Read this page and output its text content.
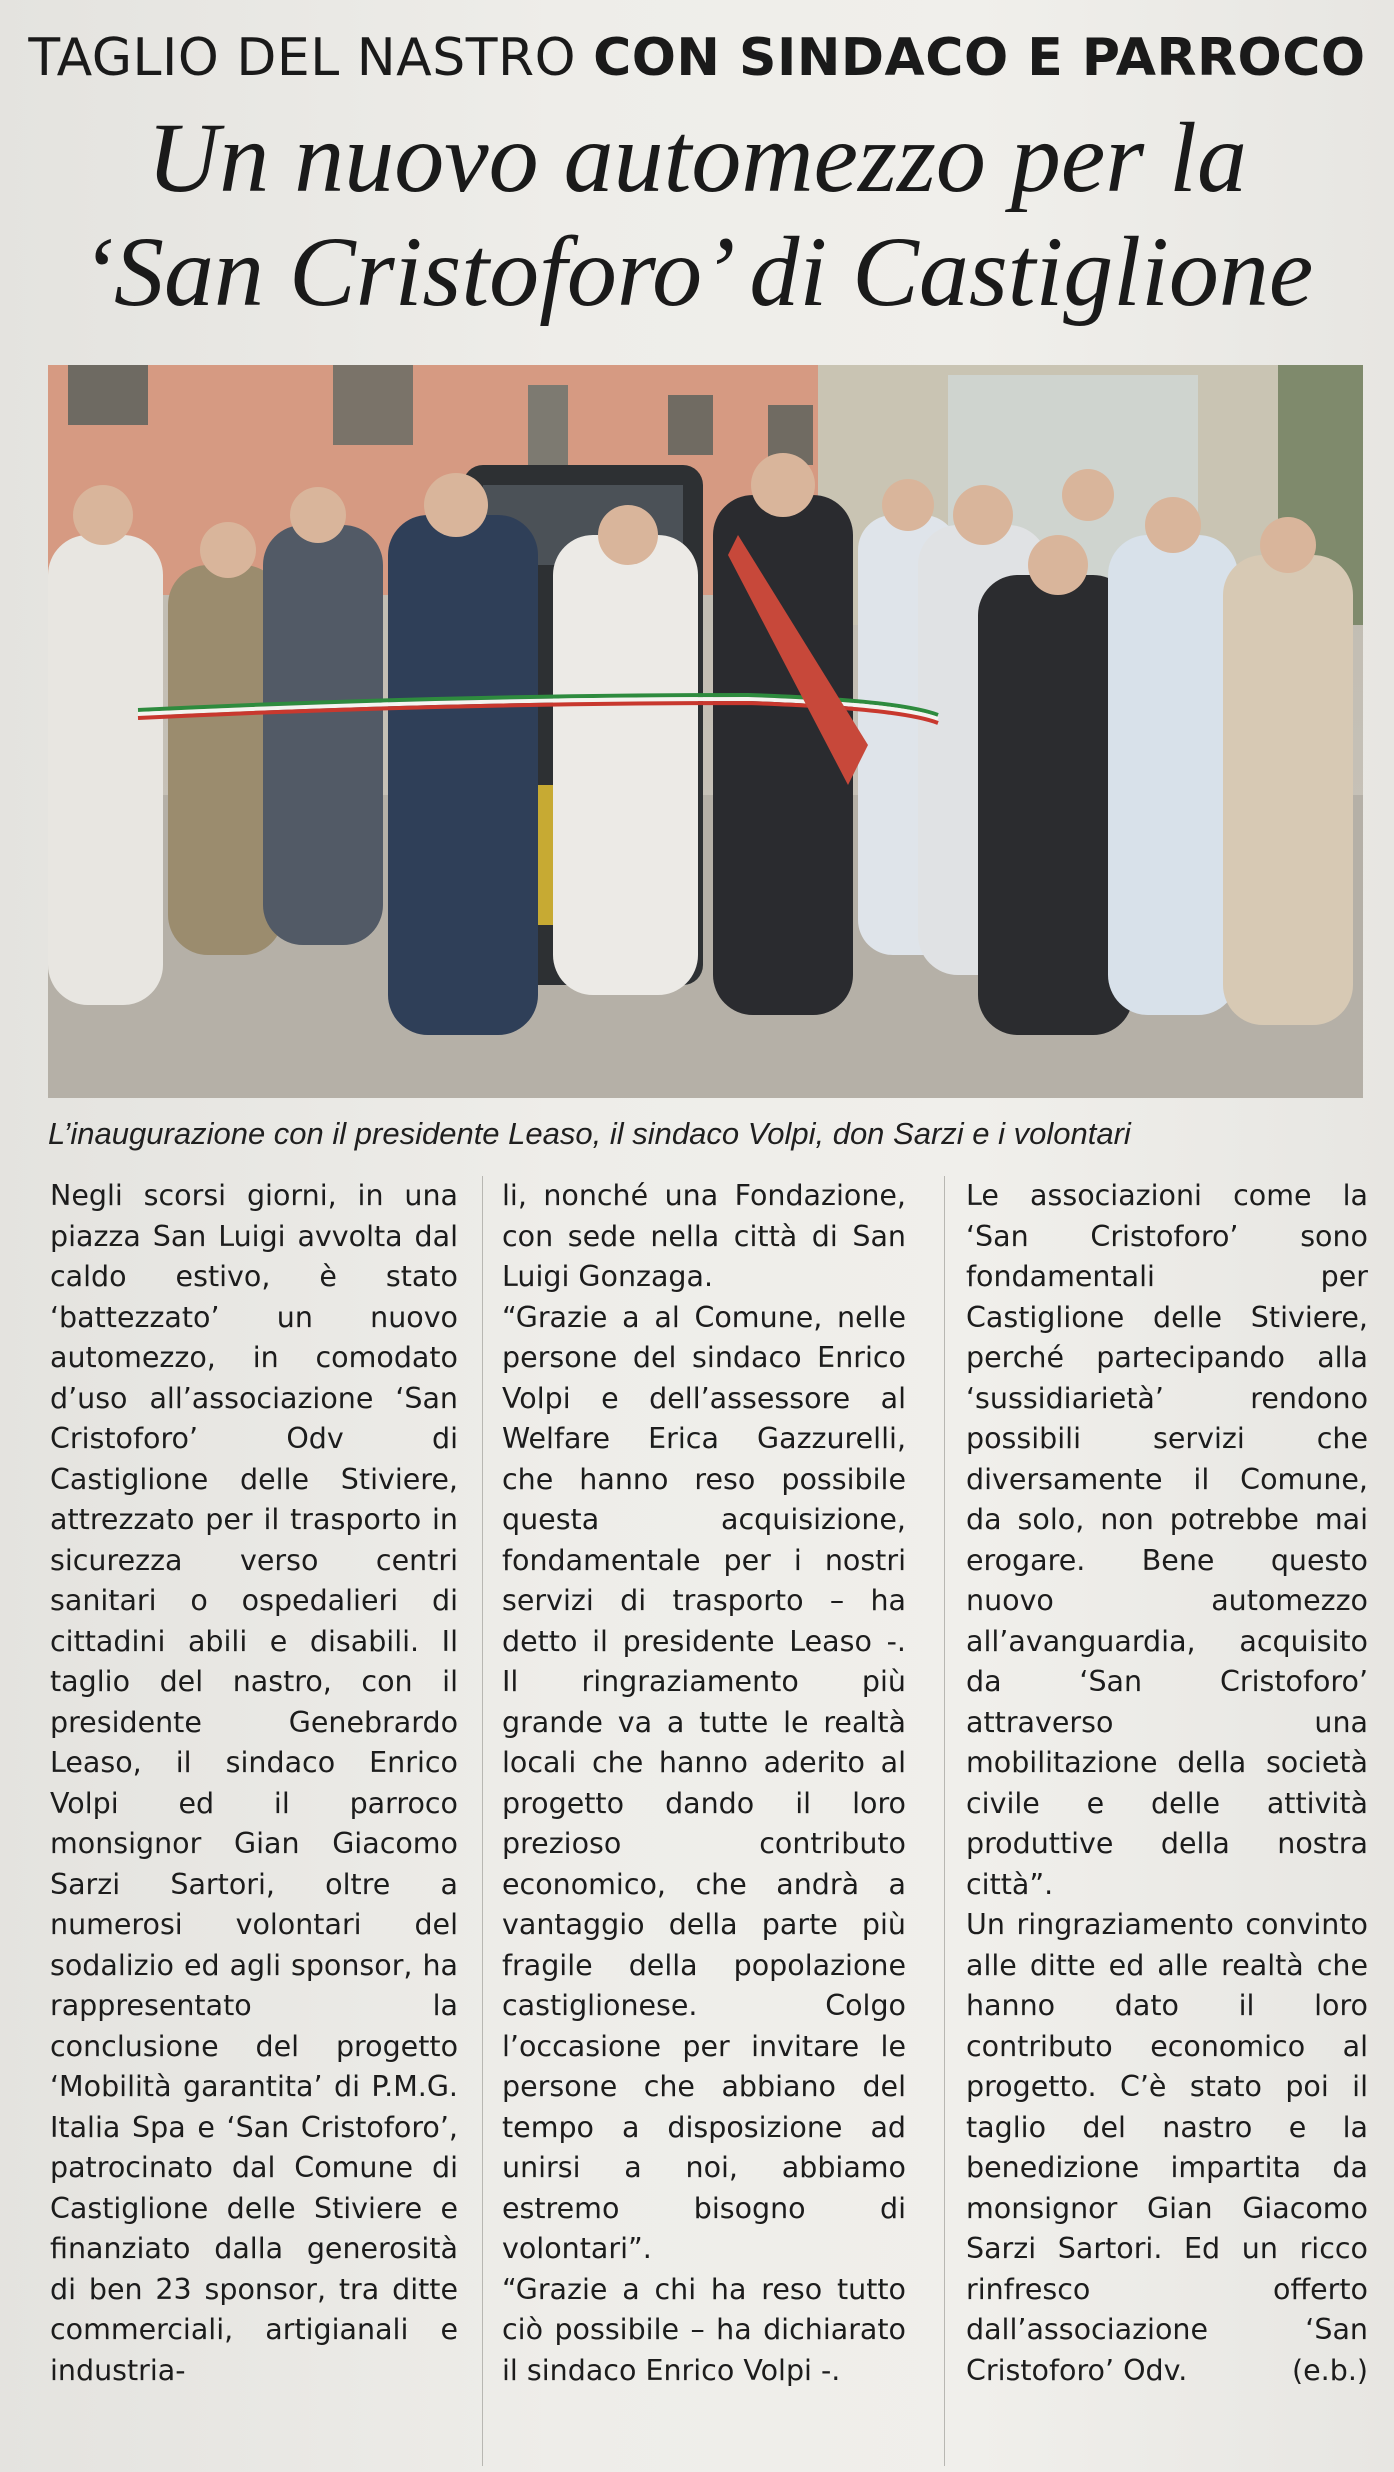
TAGLIO DEL NASTRO CON SINDACO E PARROCO
Un nuovo automezzo per la
‘San Cristoforo’ di Castiglione
L’inaugurazione con il presidente Leaso, il sindaco Volpi, don Sarzi e i volontari

Negli scorsi giorni, in una piazza San Luigi avvolta dal caldo estivo, è stato ‘battezzato’ un nuovo automezzo, in comodato d’uso all’associazione ‘San Cristoforo’ Odv di Castiglione delle Stiviere, attrezzato per il trasporto in sicurezza verso centri sanitari o ospedalieri di cittadini abili e disabili. Il taglio del nastro, con il presidente Genebrardo Leaso, il sindaco Enrico Volpi ed il parroco monsignor Gian Giacomo Sarzi Sartori, oltre a numerosi volontari del sodalizio ed agli sponsor, ha rappresentato la conclusione del progetto ‘Mobilità garantita’ di P.M.G. Italia Spa e ‘San Cristoforo’, patrocinato dal Comune di Castiglione delle Stiviere e finanziato dalla generosità di ben 23 sponsor, tra ditte commerciali, artigianali e industria-

li, nonché una Fondazione, con sede nella città di San Luigi Gonzaga.

“Grazie a al Comune, nelle persone del sindaco Enrico Volpi e dell’assessore al Welfare Erica Gazzurelli, che hanno reso possibile questa acquisizione, fondamentale per i nostri servizi di trasporto – ha detto il presidente Leaso -. Il ringraziamento più grande va a tutte le realtà locali che hanno aderito al progetto dando il loro prezioso contributo economico, che andrà a vantaggio della parte più fragile della popolazione castiglionese. Colgo l’occasione per invitare le persone che abbiano del tempo a disposizione ad unirsi a noi, abbiamo estremo bisogno di volontari”.

“Grazie a chi ha reso tutto ciò possibile – ha dichiarato il sindaco Enrico Volpi -.

Le associazioni come la ‘San Cristoforo’ sono fondamentali per Castiglione delle Stiviere, perché partecipando alla ‘sussidiarietà’ rendono possibili servizi che diversamente il Comune, da solo, non potrebbe mai erogare. Bene questo nuovo automezzo all’avanguardia, acquisito da ‘San Cristoforo’ attraverso una mobilitazione della società civile e delle attività produttive della nostra città”.

Un ringraziamento convinto alle ditte ed alle realtà che hanno dato il loro contributo economico al progetto. C’è stato poi il taglio del nastro e la benedizione impartita da monsignor Gian Giacomo Sarzi Sartori. Ed un ricco rinfresco offerto dall’associazione ‘San Cristoforo’ Odv.	(e.b.)
